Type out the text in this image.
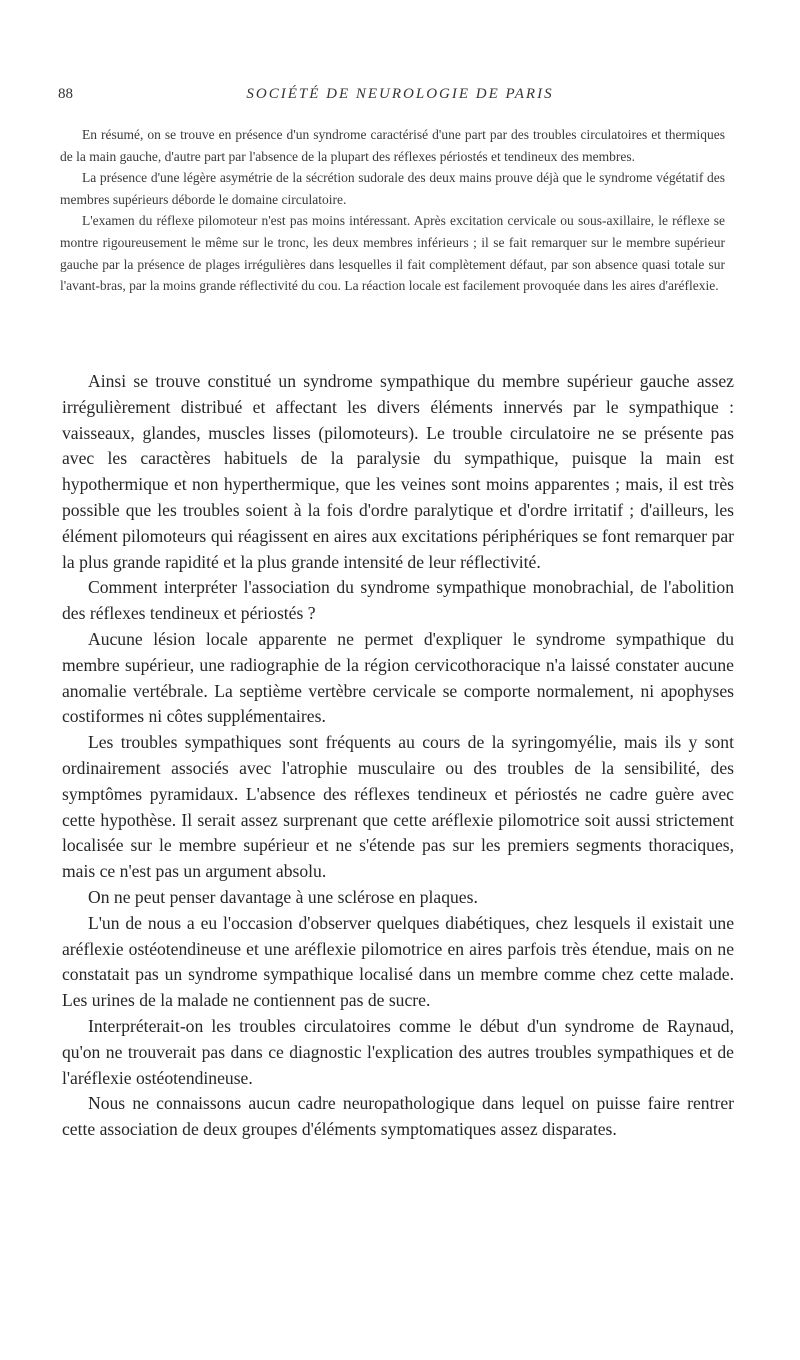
88	SOCIÉTÉ DE NEUROLOGIE DE PARIS

En résumé, on se trouve en présence d'un syndrome caractérisé d'une part par des troubles circulatoires et thermiques de la main gauche, d'autre part par l'absence de la plupart des réflexes périostés et tendineux des membres.

La présence d'une légère asymétrie de la sécrétion sudorale des deux mains prouve déjà que le syndrome végétatif des membres supérieurs déborde le domaine circulatoire.

L'examen du réflexe pilomoteur n'est pas moins intéressant. Après excitation cervicale ou sous-axillaire, le réflexe se montre rigoureusement le même sur le tronc, les deux membres inférieurs ; il se fait remarquer sur le membre supérieur gauche par la présence de plages irrégulières dans lesquelles il fait complètement défaut, par son absence quasi totale sur l'avant-bras, par la moins grande réflectivité du cou. La réaction locale est facilement provoquée dans les aires d'aréflexie.

Ainsi se trouve constitué un syndrome sympathique du membre supérieur gauche assez irrégulièrement distribué et affectant les divers éléments innervés par le sympathique : vaisseaux, glandes, muscles lisses (pilomoteurs). Le trouble circulatoire ne se présente pas avec les caractères habituels de la paralysie du sympathique, puisque la main est hypothermique et non hyperthermique, que les veines sont moins apparentes ; mais, il est très possible que les troubles soient à la fois d'ordre paralytique et d'ordre irritatif ; d'ailleurs, les élément pilomoteurs qui réagissent en aires aux excitations périphériques se font remarquer par la plus grande rapidité et la plus grande intensité de leur réflectivité.

Comment interpréter l'association du syndrome sympathique monobrachial, de l'abolition des réflexes tendineux et périostés ?

Aucune lésion locale apparente ne permet d'expliquer le syndrome sympathique du membre supérieur, une radiographie de la région cervicothoracique n'a laissé constater aucune anomalie vertébrale. La septième vertèbre cervicale se comporte normalement, ni apophyses costiformes ni côtes supplémentaires.

Les troubles sympathiques sont fréquents au cours de la syringomyélie, mais ils y sont ordinairement associés avec l'atrophie musculaire ou des troubles de la sensibilité, des symptômes pyramidaux. L'absence des réflexes tendineux et périostés ne cadre guère avec cette hypothèse. Il serait assez surprenant que cette aréflexie pilomotrice soit aussi strictement localisée sur le membre supérieur et ne s'étende pas sur les premiers segments thoraciques, mais ce n'est pas un argument absolu.

On ne peut penser davantage à une sclérose en plaques.

L'un de nous a eu l'occasion d'observer quelques diabétiques, chez lesquels il existait une aréflexie ostéotendineuse et une aréflexie pilomotrice en aires parfois très étendue, mais on ne constatait pas un syndrome sympathique localisé dans un membre comme chez cette malade. Les urines de la malade ne contiennent pas de sucre.

Interpréterait-on les troubles circulatoires comme le début d'un syndrome de Raynaud, qu'on ne trouverait pas dans ce diagnostic l'explication des autres troubles sympathiques et de l'aréflexie ostéotendineuse.

Nous ne connaissons aucun cadre neuropathologique dans lequel on puisse faire rentrer cette association de deux groupes d'éléments symptomatiques assez disparates.
